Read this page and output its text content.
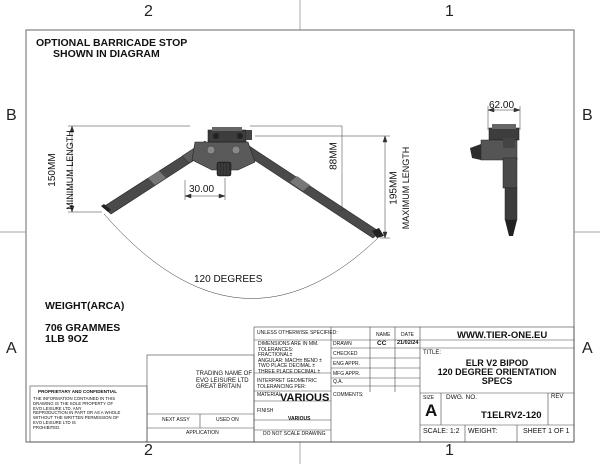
2	1
2	1
B	B
A	A
OPTIONAL BARRICADE STOP
SHOWN IN DIAGRAM
150MM MINIMUM LENGTH	195MM MAXIMUM LENGTH
88MM
30.00
120 DEGREES
62.00
WEIGHT(ARCA)
706 GRAMMES
1LB 9OZ	UNLESS OTHERWISE SPECIFIED:
DIMENSIONS ARE IN MM.
TOLERANCES:
FRACTIONAL±
ANGULAR: MACH± BEND ±
TWO PLACE DECIMAL ±
THREE PLACE DECIMAL ±
INTERPRET GEOMETRIC
TOLERANCING PER:
MATERIAL
VARIOUS
FINISH
VARIOUS
DO NOT SCALE DRAWING
NAME DATE
DRAWN	CC 21/02/24
CHECKED
ENG APPR.
MFG APPR.
Q.A.
COMMENTS:
TRADING NAME OF
EVO LEISURE LTD
GREAT BRITAIN
NEXT ASSY	USED ON
APPLICATION
WWW.TIER-ONE.EU
TITLE:
ELR V2 BIPOD
120 DEGREE ORIENTATION
SPECS
SIZE
A
DWG. NO.	REV
T1ELRV2-120
SCALE: 1:2 WEIGHT:	SHEET 1 OF 1
PROPRIETARY AND CONFIDENTIAL
THE INFORMATION CONTAINED IN THIS
DRAWING IS THE SOLE PROPERTY OF
EVO LEISURE LTD. ANY
REPRODUCTION IN PART OR AS A WHOLE
WITHOUT THE WRITTEN PERMISSION OF
EVO LEISURE LTD IS
PROHIBITED.
